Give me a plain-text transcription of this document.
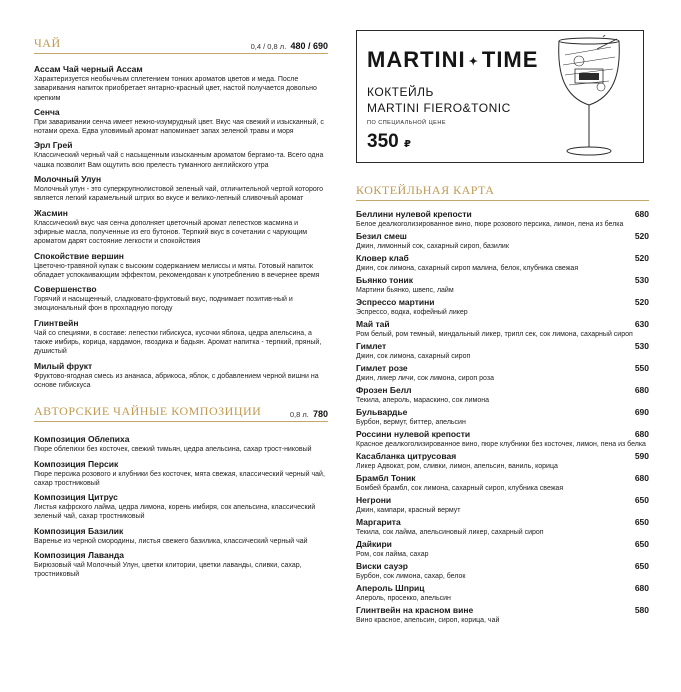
ЧАЙ	0,4 / 0,8 л. 480 / 690
Ассам Чай черный Ассам
Характеризуется необычным сплетением тонких ароматов цветов и меда. После заваривания напиток приобретает янтарно-красный цвет, настой получается довольно крепким
Сенча
При заваривании сенча имеет нежно-изумрудный цвет. Вкус чая свежий и изысканный, с нотами ореха. Едва уловимый аромат напоминает запах зеленой травы и моря
Эрл Грей
Классический черный чай с насыщенным изысканным ароматом бергамо-та. Всего одна чашка позволит Вам ощутить всю прелесть туманного английского утра
Молочный Улун
Молочный улун - это суперкрупнолистовой зеленый чай, отличительной чертой которого является легкий карамельный штрих во вкусе и велико-лепный сливочный аромат
Жасмин
Классический вкус чая сенча дополняет цветочный аромат лепестков жасмина и эфирные масла, полученные из его бутонов. Терпкий вкус в сочетании с чарующим ароматом дарят состояние легкости и спокойствия
Спокойствие вершин
Цветочно-травяной купаж с высоким содержанием мелиссы и мяты. Готовый напиток обладает успокаивающим эффектом, рекомендован к употреблению в вечернее время
Совершенство
Горячий и насыщенный, сладковато-фруктовый вкус, поднимает позитив-ный и эмоциональный фон в прохладную погоду
Глинтвейн
Чай со специями, в составе: лепестки гибискуса, кусочки яблока, цедра апельсина, а также имбирь, корица, кардамон, гвоздика и бадьян. Аромат напитка - терпкий, пряный, душистый
Милый фрукт
Фруктово-ягодная смесь из ананаса, абрикоса, яблок, с добавлением черной вишни на основе гибискуса
АВТОРСКИЕ ЧАЙНЫЕ КОМПОЗИЦИИ	0,8 л. 780
Композиция Облепиха
Пюре облепихи без косточек, свежий тимьян, цедра апельсина, сахар трост-никовый
Композиция Персик
Пюре персика розового и клубники без косточек, мята свежая, классический черный чай, сахар тростниковый
Композиция Цитрус
Листья кафрского лайма, цедра лимона, корень имбиря, сок апельсина, классический зеленый чай, сахар тростниковый
Композиция Базилик
Варенье из черной смородины, листья свежего базилика, классический черный чай
Композиция Лаванда
Бирюзовый чай Молочный Улун, цветки клитории, цветки лаванды, сливки, сахар, тростниковый
MARTINI ✦ TIME
КОКТЕЙЛЬ
MARTINI FIERO&TONIC
ПО СПЕЦИАЛЬНОЙ ЦЕНЕ
350 ₽
КОКТЕЙЛЬНАЯ КАРТА
Беллини нулевой крепости	680
Белое деалкоголизированное вино, пюре розового персика, лимон, пена из белка
Безил смеш	520
Джин, лимонный сок, сахарный сироп, базилик
Кловер клаб	520
Джин, сок лимона, сахарный сироп малина, белок, клубника свежая
Бьянко тоник	530
Мартини бьянко, швепс, лайм
Эспрессо мартини	520
Эспрессо, водка, кофейный ликер
Май тай	630
Ром белый, ром темный, миндальный ликер, трипл сек, сок лимона, сахарный сироп
Гимлет	530
Джин, сок лимона, сахарный сироп
Гимлет розе	550
Джин, ликер личи, сок лимона, сироп роза
Фрозен Белл	680
Текила, апероль, мараскино, сок лимона
Бульвардье	690
Бурбон, вермут, биттер, апельсин
Россини нулевой крепости	680
Красное деалкоголизированное вино, пюре клубники без косточек, лимон, пена из белка
Касабланка цитрусовая	590
Ликер Адвокат, ром, сливки, лимон, апельсин, ваниль, корица
Брамбл Тоник	680
Бомбей брамбл, сок лимона, сахарный сироп, клубника свежая
Негрони	650
Джин, кампари, красный вермут
Маргарита	650
Текила, сок лайма, апельсиновый ликер, сахарный сироп
Дайкири	650
Ром, сок лайма, сахар
Виски сауэр	650
Бурбон, сок лимона, сахар, белок
Апероль Шприц	680
Апероль, просекко, апельсин
Глинтвейн на красном вине	580
Вино красное, апельсин, сироп, корица, чай
